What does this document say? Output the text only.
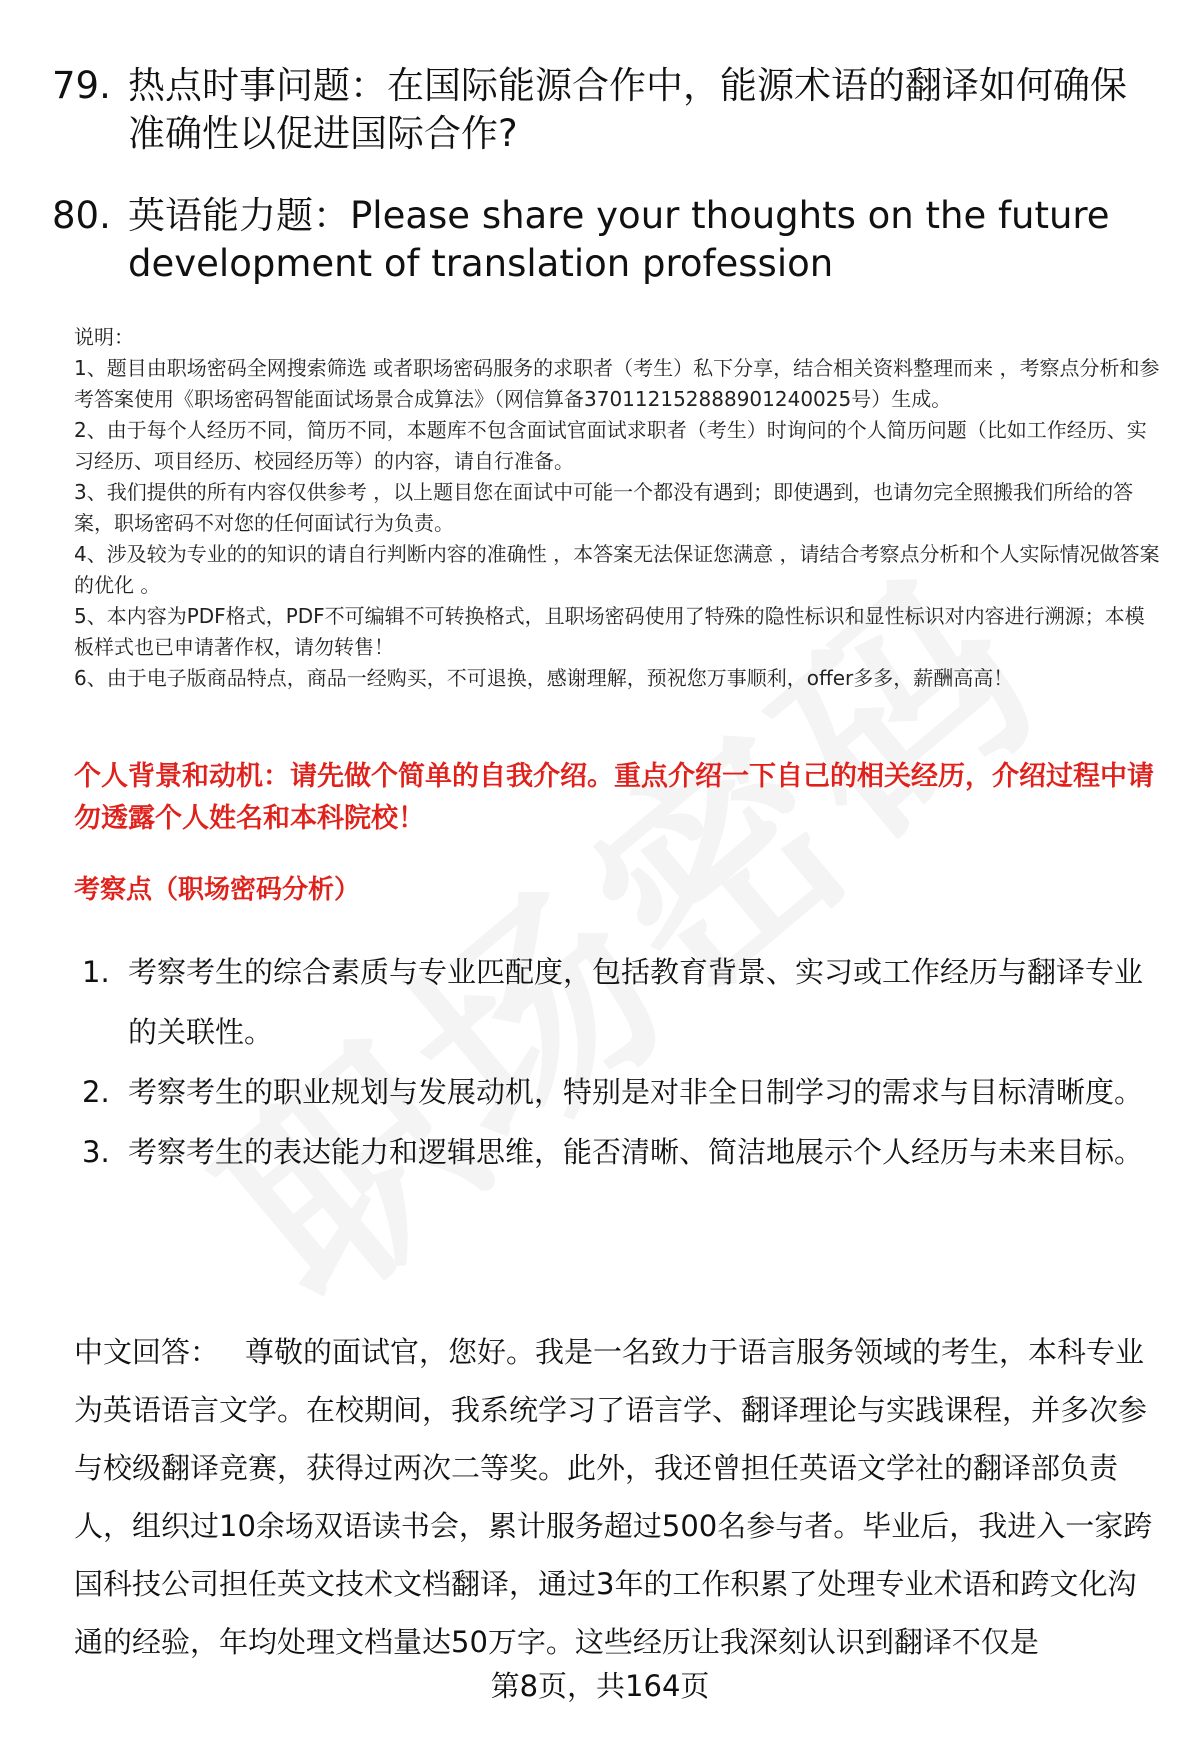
79. 热点时事问题：在国际能源合作中，能源术语的翻译如何确保准确性以促进国际合作?
80. 英语能力题：Please share your thoughts on the future development of translation profession

说明：

1、题目由职场密码全网搜索筛选 或者职场密码服务的求职者（考生）私下分享，结合相关资料整理而来 ，考察点分析和参考答案使用《职场密码智能面试场景合成算法》（网信算备370112152888901240025号）生成。

2、由于每个人经历不同，简历不同，本题库不包含面试官面试求职者（考生）时询问的个人简历问题（比如工作经历、实习经历、项目经历、校园经历等）的内容，请自行准备。

3、我们提供的所有内容仅供参考 ，以上题目您在面试中可能一个都没有遇到；即使遇到，也请勿完全照搬我们所给的答案，职场密码不对您的任何面试行为负责。

4、涉及较为专业的的知识的请自行判断内容的准确性 ，本答案无法保证您满意 ，请结合考察点分析和个人实际情况做答案的优化 。

5、本内容为PDF格式，PDF不可编辑不可转换格式，且职场密码使用了特殊的隐性标识和显性标识对内容进行溯源；本模板样式也已申请著作权，请勿转售！

6、由于电子版商品特点，商品一经购买，不可退换，感谢理解，预祝您万事顺利，offer多多，薪酬高高！

个人背景和动机：请先做个简单的自我介绍。重点介绍一下自己的相关经历，介绍过程中请勿透露个人姓名和本科院校！
考察点（职场密码分析）
1. 考察考生的综合素质与专业匹配度，包括教育背景、实习或工作经历与翻译专业的关联性。
2. 考察考生的职业规划与发展动机，特别是对非全日制学习的需求与目标清晰度。
3. 考察考生的表达能力和逻辑思维，能否清晰、简洁地展示个人经历与未来目标。
中文回答： 尊敬的面试官，您好。我是一名致力于语言服务领域的考生，本科专业为英语语言文学。在校期间，我系统学习了语言学、翻译理论与实践课程，并多次参与校级翻译竞赛，获得过两次二等奖。此外，我还曾担任英语文学社的翻译部负责人，组织过10余场双语读书会，累计服务超过500名参与者。毕业后，我进入一家跨国科技公司担任英文技术文档翻译，通过3年的工作积累了处理专业术语和跨文化沟通的经验，年均处理文档量达50万字。这些经历让我深刻认识到翻译不仅是
第8页，共164页
